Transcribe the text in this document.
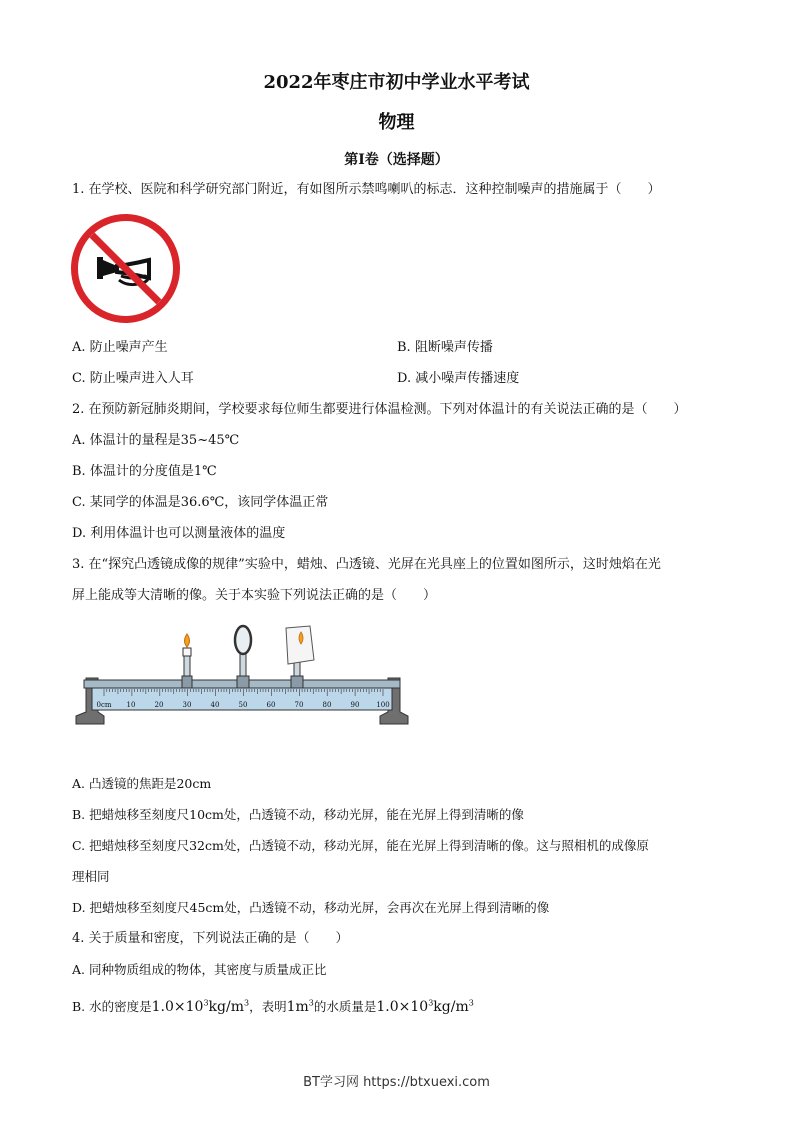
2022年枣庄市初中学业水平考试
物理
第I卷（选择题）
1. 在学校、医院和科学研究部门附近，有如图所示禁鸣喇叭的标志．这种控制噪声的措施属于（　　）
A. 防止噪声产生	B. 阻断噪声传播
C. 防止噪声进入人耳	D. 减小噪声传播速度
2. 在预防新冠肺炎期间，学校要求每位师生都要进行体温检测。下列对体温计的有关说法正确的是（　　）
A. 体温计的量程是35~45℃
B. 体温计的分度值是1℃
C. 某同学的体温是36.6℃，该同学体温正常
D. 利用体温计也可以测量液体的温度
3. 在“探究凸透镜成像的规律”实验中，蜡烛、凸透镜、光屏在光具座上的位置如图所示，这时烛焰在光
屏上能成等大清晰的像。关于本实验下列说法正确的是（　　）
0cm 10	20	30	40	50	60	70	80	90 100
A. 凸透镜的焦距是20cm
B. 把蜡烛移至刻度尺10cm处，凸透镜不动，移动光屏，能在光屏上得到清晰的像
C. 把蜡烛移至刻度尺32cm处，凸透镜不动，移动光屏，能在光屏上得到清晰的像。这与照相机的成像原
理相同
D. 把蜡烛移至刻度尺45cm处，凸透镜不动，移动光屏，会再次在光屏上得到清晰的像
4. 关于质量和密度，下列说法正确的是（　　）
A. 同种物质组成的物体，其密度与质量成正比
B. 水的密度是$1.0\times 10^3kg/m^3$，表明$1m^3$的水质量是$1.0\times 10^3kg/m^3$
BT学习网 https://btxuexi.com
